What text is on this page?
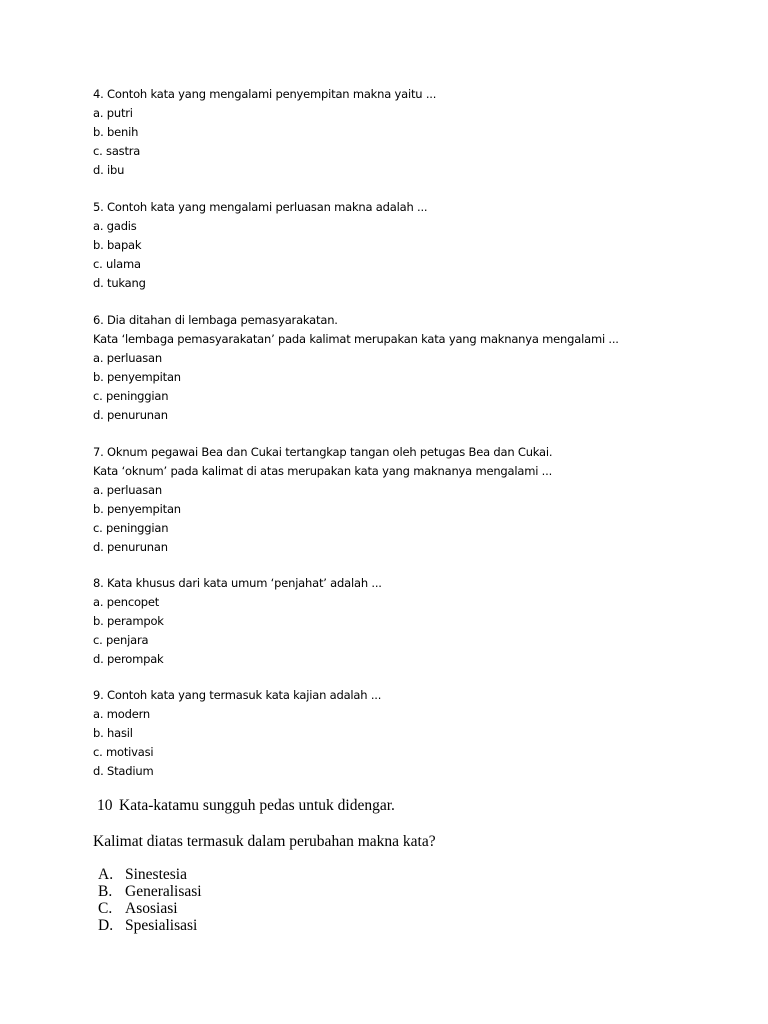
4. Contoh kata yang mengalami penyempitan makna yaitu ...
a. putri
b. benih
c. sastra
d. ibu
5. Contoh kata yang mengalami perluasan makna adalah ...
a. gadis
b. bapak
c. ulama
d. tukang
6. Dia ditahan di lembaga pemasyarakatan.
Kata ‘lembaga pemasyarakatan’ pada kalimat merupakan kata yang maknanya mengalami ...
a. perluasan
b. penyempitan
c. peninggian
d. penurunan
7. Oknum pegawai Bea dan Cukai tertangkap tangan oleh petugas Bea dan Cukai.
Kata ‘oknum’ pada kalimat di atas merupakan kata yang maknanya mengalami ...
a. perluasan
b. penyempitan
c. peninggian
d. penurunan
8. Kata khusus dari kata umum ‘penjahat’ adalah ...
a. pencopet
b. perampok
c. penjara
d. perompak
9. Contoh kata yang termasuk kata kajian adalah ...
a. modern
b. hasil
c. motivasi
d. Stadium
10 Kata-katamu sungguh pedas untuk didengar.
Kalimat diatas termasuk dalam perubahan makna kata?
A. Sinestesia
B. Generalisasi
C. Asosiasi
D. Spesialisasi
